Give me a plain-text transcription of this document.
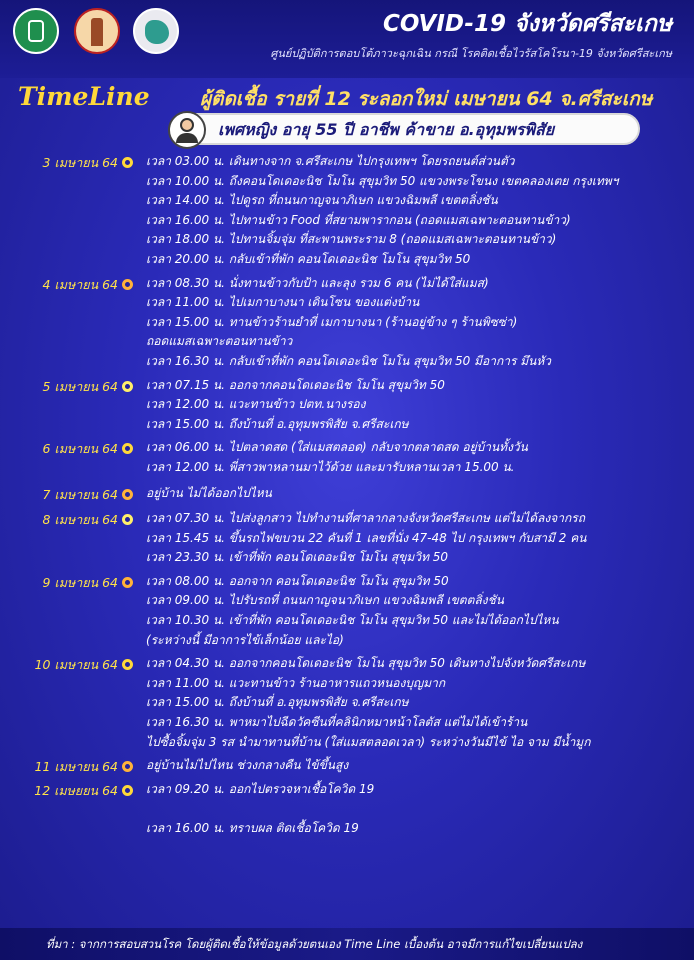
COVID-19 จังหวัดศรีสะเกษ
ศูนย์ปฏิบัติการตอบโต้ภาวะฉุกเฉิน กรณี โรคติดเชื้อไวรัสโคโรนา-19 จังหวัดศรีสะเกษ
TimeLine	ผู้ติดเชื้อ รายที่ 12 ระลอกใหม่ เมษายน 64 จ.ศรีสะเกษ
เพศหญิง อายุ 55 ปี อาชีพ ค้าขาย อ.อุทุมพรพิสัย
3 เมษายน 64 เวลา 03.00 น. เดินทางจาก จ.ศรีสะเกษ ไปกรุงเทพฯ โดยรถยนต์ส่วนตัว
เวลา 10.00 น. ถึงคอนโดเดอะนิช โมโน สุขุมวิท 50 แขวงพระโขนง เขตคลองเตย กรุงเทพฯ
เวลา 14.00 น. ไปดูรถ ที่ถนนกาญจนาภิเษก แขวงฉิมพลี เขตตลิ่งชัน
เวลา 16.00 น. ไปทานข้าว Food ที่สยามพารากอน (ถอดแมสเฉพาะตอนทานข้าว)
เวลา 18.00 น. ไปทานจิ้มจุ่ม ที่สะพานพระราม 8 (ถอดแมสเฉพาะตอนทานข้าว)
เวลา 20.00 น. กลับเข้าที่พัก คอนโดเดอะนิช โมโน สุขุมวิท 50
4 เมษายน 64 เวลา 08.30 น. นั่งทานข้าวกับป้า และลุง รวม 6 คน (ไม่ได้ใส่แมส)
เวลา 11.00 น. ไปเมกาบางนา เดินโซน ของแต่งบ้าน
เวลา 15.00 น. ทานข้าวร้านยำที่ เมกาบางนา (ร้านอยู่ข้าง ๆ ร้านพิซซ่า)
ถอดแมสเฉพาะตอนทานข้าว
เวลา 16.30 น. กลับเข้าที่พัก คอนโดเดอะนิช โมโน สุขุมวิท 50 มีอาการ มึนหัว
5 เมษายน 64 เวลา 07.15 น. ออกจากคอนโดเดอะนิช โมโน สุขุมวิท 50
เวลา 12.00 น. แวะทานข้าว ปตท.นางรอง
เวลา 15.00 น. ถึงบ้านที่ อ.อุทุมพรพิสัย จ.ศรีสะเกษ
6 เมษายน 64 เวลา 06.00 น. ไปตลาดสด (ใส่แมสตลอด) กลับจากตลาดสด อยู่บ้านทั้งวัน
เวลา 12.00 น. พี่สาวพาหลานมาไว้ด้วย และมารับหลานเวลา 15.00 น.
7 เมษายน 64 อยู่บ้าน ไม่ได้ออกไปไหน
8 เมษายน 64 เวลา 07.30 น. ไปส่งลูกสาว ไปทำงานที่ศาลากลางจังหวัดศรีสะเกษ แต่ไม่ได้ลงจากรถ
เวลา 15.45 น. ขึ้นรถไฟขบวน 22 คันที่ 1 เลขที่นั่ง 47-48 ไป กรุงเทพฯ กับสามี 2 คน
เวลา 23.30 น. เข้าที่พัก คอนโดเดอะนิช โมโน สุขุมวิท 50
9 เมษายน 64 เวลา 08.00 น. ออกจาก คอนโดเดอะนิช โมโน สุขุมวิท 50
เวลา 09.00 น. ไปรับรถที่ ถนนกาญจนาภิเษก แขวงฉิมพลี เขตตลิ่งชัน
เวลา 10.30 น. เข้าที่พัก คอนโดเดอะนิช โมโน สุขุมวิท 50 และไม่ได้ออกไปไหน
(ระหว่างนี้ มีอาการไข้เล็กน้อย และไอ)
10 เมษายน 64 เวลา 04.30 น. ออกจากคอนโดเดอะนิช โมโน สุขุมวิท 50 เดินทางไปจังหวัดศรีสะเกษ
เวลา 11.00 น. แวะทานข้าว ร้านอาหารแถวหนองบุญมาก
เวลา 15.00 น. ถึงบ้านที่ อ.อุทุมพรพิสัย จ.ศรีสะเกษ
เวลา 16.30 น. พาหมาไปฉีดวัคซีนที่คลินิกหมาหน้าโลตัส แต่ไม่ได้เข้าร้าน
ไปซื้อจิ้มจุ่ม 3 รส นำมาทานที่บ้าน (ใส่แมสตลอดเวลา) ระหว่างวันมีไข้ ไอ จาม มีน้ำมูก
11 เมษายน 64 อยู่บ้านไม่ไปไหน ช่วงกลางคืน ไข้ขึ้นสูง
12 เมษยยน 64 เวลา 09.20 น. ออกไปตรวจหาเชื้อโควิด 19
เวลา 16.00 น. ทราบผล ติดเชื้อโควิด 19
ที่มา : จากการสอบสวนโรค โดยผู้ติดเชื้อให้ข้อมูลด้วยตนเอง Time Line เบื้องต้น อาจมีการแก้ไขเปลี่ยนแปลง
